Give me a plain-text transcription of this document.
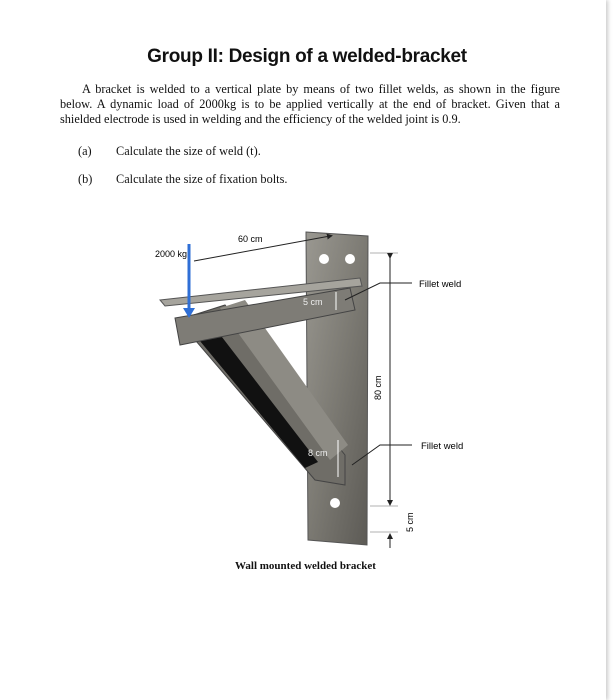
Group II: Design of a welded-bracket
A bracket is welded to a vertical plate by means of two fillet welds, as shown in the figure below. A dynamic load of 2000kg is to be applied vertically at the end of bracket. Given that a shielded electrode is used in welding and the efficiency of the welded joint is 0.9.
(a) Calculate the size of weld (t).
(b) Calculate the size of fixation bolts.
2000 kg
60 cm
5 cm
8 cm
80 cm
5 cm
Fillet weld
Fillet weld
Wall mounted welded bracket
